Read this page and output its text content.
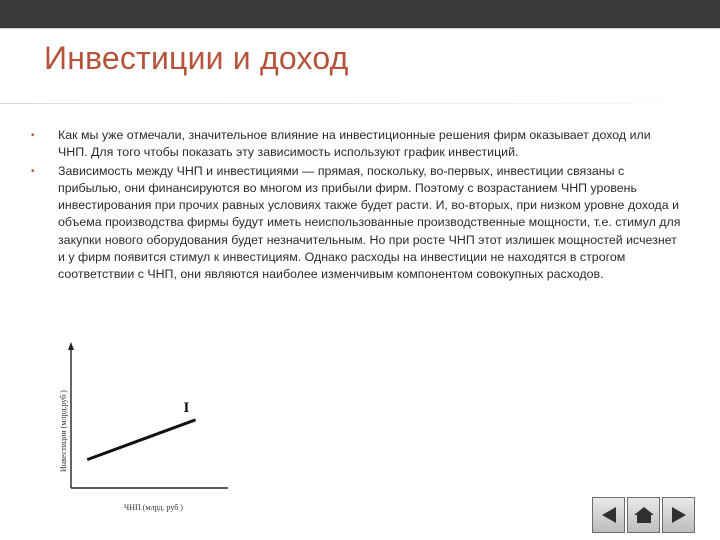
Инвестиции и доход
• Как мы уже отмечали, значительное влияние на инвестиционные решения фирм оказывает доход или ЧНП. Для того чтобы показать эту зависимость используют график инвестиций.
• Зависимость между ЧНП и инвестициями — прямая, поскольку, во-первых, инвестиции связаны с прибылью, они финансируются во многом из прибыли фирм. Поэтому с возрастанием ЧНП уровень инвестирования при прочих равных условиях также будет расти. И, во-вторых, при низком уровне дохода и объема производства фирмы будут иметь неиспользованные производственные мощности, т.е. стимул для закупки нового оборудования будет незначительным. Но при росте ЧНП этот излишек мощностей исчезнет и у фирм появится стимул к инвестициям. Однако расходы на инвестиции не находятся в строгом соответствии с ЧНП, они являются наиболее изменчивым компонентом совокупных расходов.
Инвестиции (млрд.руб )
ЧНП (млрд. руб )
I
